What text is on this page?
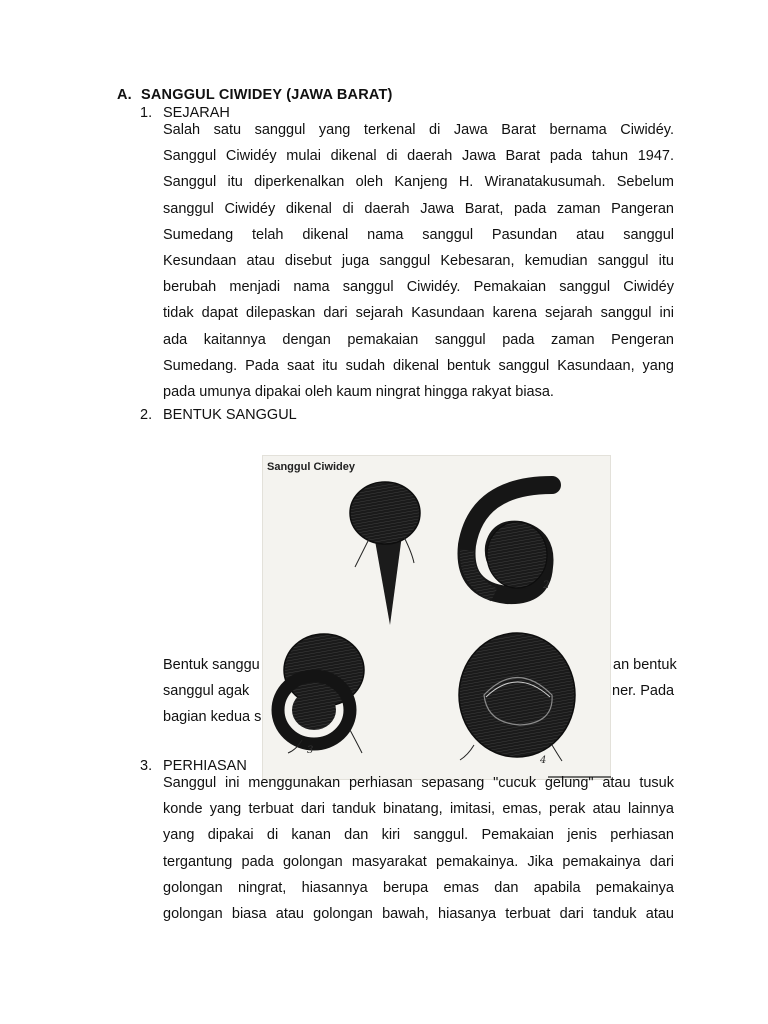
A. SANGGUL CIWIDEY (JAWA BARAT)
1. SEJARAH
Salah satu sanggul yang terkenal di Jawa Barat bernama Ciwidéy.
Sanggul Ciwidéy mulai dikenal di daerah Jawa Barat pada tahun 1947.
Sanggul itu diperkenalkan oleh Kanjeng H. Wiranatakusumah. Sebelum
sanggul Ciwidéy dikenal di daerah Jawa Barat, pada zaman Pangeran
Sumedang telah dikenal nama sanggul Pasundan atau sanggul
Kesundaan atau disebut juga sanggul Kebesaran, kemudian sanggul itu
berubah menjadi nama sanggul Ciwidéy. Pemakaian sanggul Ciwidéy
tidak dapat dilepaskan dari sejarah Kasundaan karena sejarah sanggul ini
ada kaitannya dengan pemakaian sanggul pada zaman Pengeran
Sumedang. Pada saat itu sudah dikenal bentuk sanggul Kasundaan, yang
pada umunya dipakai oleh kaum ningrat hingga rakyat biasa.
2. BENTUK SANGGUL
Bentuk sanggu
sanggul agak
bagian kedua s
an bentuk
ner. Pada
Sanggul Ciwidey
2
3
4
3. PERHIASAN
Sanggul ini menggunakan perhiasan sepasang "cucuk gelung" atau tusuk
konde yang terbuat dari tanduk binatang, imitasi, emas, perak atau lainnya
yang dipakai di kanan dan kiri sanggul. Pemakaian jenis perhiasan
tergantung pada golongan masyarakat pemakainya. Jika pemakainya dari
golongan ningrat, hiasannya berupa emas dan apabila pemakainya
golongan biasa atau golongan bawah, hiasanya terbuat dari tanduk atau
